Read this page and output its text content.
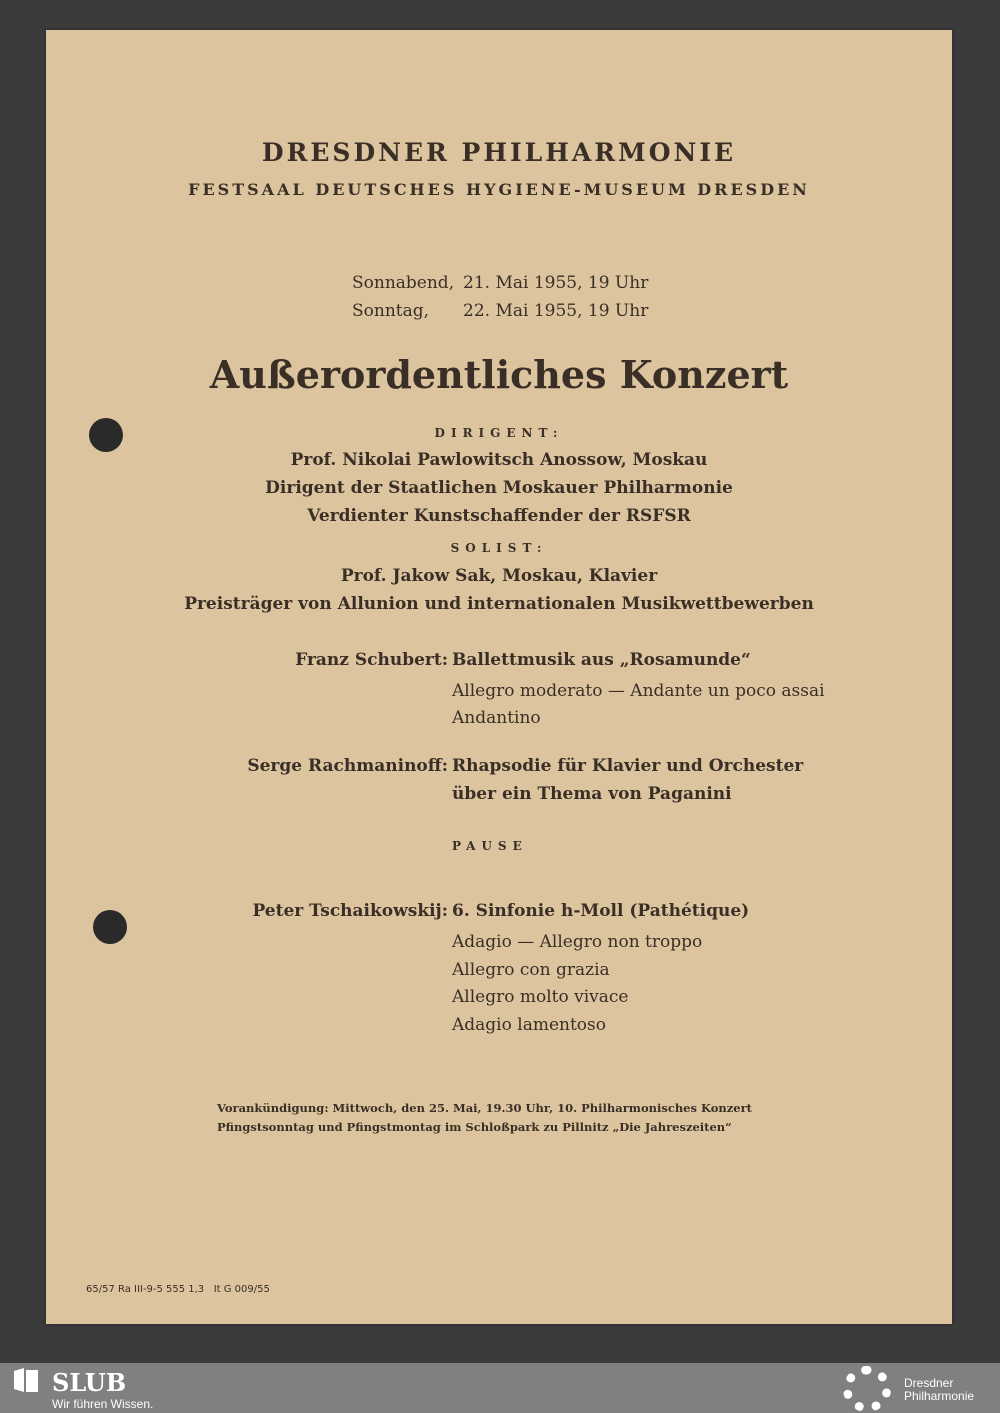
DRESDNER PHILHARMONIE
FESTSAAL DEUTSCHES HYGIENE-MUSEUM DRESDEN
Sonnabend, 21. Mai 1955, 19 Uhr
Sonntag, 22. Mai 1955, 19 Uhr
Außerordentliches Konzert
DIRIGENT:
Prof. Nikolai Pawlowitsch Anossow, Moskau
Dirigent der Staatlichen Moskauer Philharmonie
Verdienter Kunstschaffender der RSFSR
SOLIST:
Prof. Jakow Sak, Moskau, Klavier
Preisträger von Allunion und internationalen Musikwettbewerben
Franz Schubert: Ballettmusik aus „Rosamunde“
Allegro moderato — Andante un poco assai
Andantino
Serge Rachmaninoff: Rhapsodie für Klavier und Orchester
über ein Thema von Paganini
PAUSE
Peter Tschaikowskij: 6. Sinfonie h-Moll (Pathétique)
Adagio — Allegro non troppo
Allegro con grazia
Allegro molto vivace
Adagio lamentoso
Vorankündigung: Mittwoch, den 25. Mai, 19.30 Uhr, 10. Philharmonisches Konzert
Pfingstsonntag und Pfingstmontag im Schloßpark zu Pillnitz „Die Jahreszeiten“
65/57 Ra III-9-5 555 1,3   It G 009/55
SLUB
Wir führen Wissen.
Dresdner
Philharmonie
